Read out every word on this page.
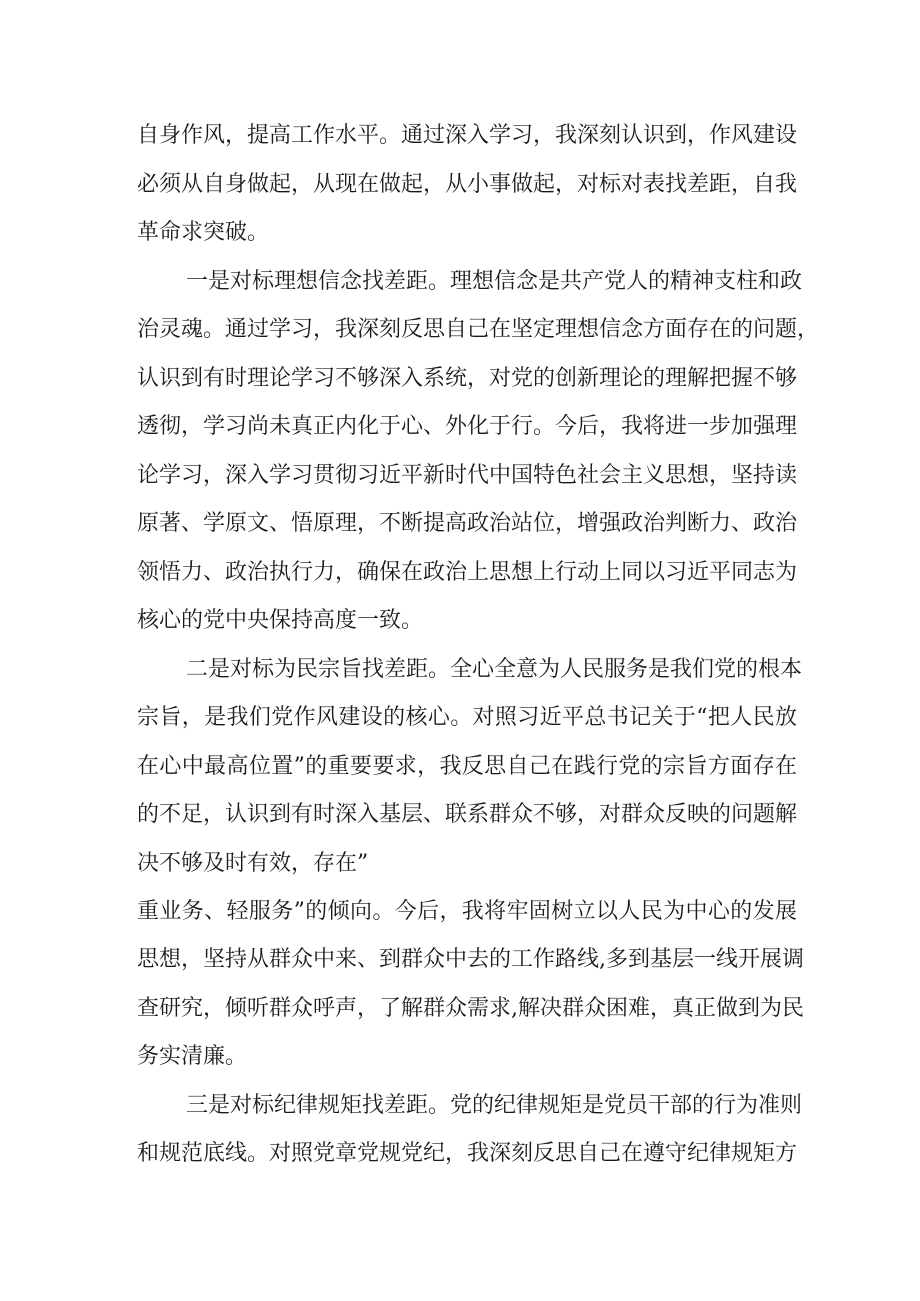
自身作风，提高工作水平。通过深入学习，我深刻认识到，作风建设
必须从自身做起，从现在做起，从小事做起，对标对表找差距，自我
革命求突破。
一是对标理想信念找差距。理想信念是共产党人的精神支柱和政
治灵魂。通过学习，我深刻反思自己在坚定理想信念方面存在的问题，
认识到有时理论学习不够深入系统，对党的创新理论的理解把握不够
透彻，学习尚未真正内化于心、外化于行。今后，我将进一步加强理
论学习，深入学习贯彻习近平新时代中国特色社会主义思想，坚持读
原著、学原文、悟原理，不断提高政治站位，增强政治判断力、政治
领悟力、政治执行力，确保在政治上思想上行动上同以习近平同志为
核心的党中央保持高度一致。
二是对标为民宗旨找差距。全心全意为人民服务是我们党的根本
宗旨，是我们党作风建设的核心。对照习近平总书记关于“把人民放
在心中最高位置”的重要要求，我反思自己在践行党的宗旨方面存在
的不足，认识到有时深入基层、联系群众不够，对群众反映的问题解
决不够及时有效，存在”
重业务、轻服务”的倾向。今后，我将牢固树立以人民为中心的发展
思想，坚持从群众中来、到群众中去的工作路线,多到基层一线开展调
查研究，倾听群众呼声，了解群众需求,解决群众困难，真正做到为民
务实清廉。
三是对标纪律规矩找差距。党的纪律规矩是党员干部的行为准则
和规范底线。对照党章党规党纪，我深刻反思自己在遵守纪律规矩方
